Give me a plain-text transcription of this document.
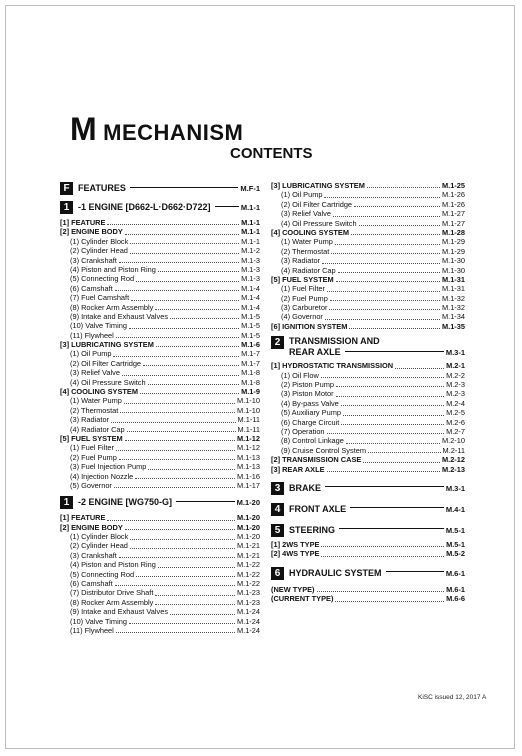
M MECHANISM
CONTENTS
F FEATURES	M.F-1
1 -1 ENGINE [D662-L·D662·D722]	M.1-1
[1] FEATURE	M.1-1
[2] ENGINE BODY	M.1-1
(1) Cylinder Block	M.1-1
(2) Cylinder Head	M.1-2
(3) Crankshaft	M.1-3
(4) Piston and Piston Ring	M.1-3
(5) Connecting Rod	M.1-3
(6) Camshaft	M.1-4
(7) Fuel Camshaft	M.1-4
(8) Rocker Arm Assembly	M.1-4
(9) Intake and Exhaust Valves	M.1-5
(10) Valve Timing	M.1-5
(11) Flywheel	M.1-5
[3] LUBRICATING SYSTEM	M.1-6
(1) Oil Pump	M.1-7
(2) Oil Filter Cartridge	M.1-7
(3) Relief Valve	M.1-8
(4) Oil Pressure Switch	M.1-8
[4] COOLING SYSTEM	M.1-9
(1) Water Pump	M.1-10
(2) Thermostat	M.1-10
(3) Radiator	M.1-11
(4) Radiator Cap	M.1-11
[5] FUEL SYSTEM	M.1-12
(1) Fuel Filter	M.1-12
(2) Fuel Pump	M.1-13
(3) Fuel Injection Pump	M.1-13
(4) Injection Nozzle	M.1-16
(5) Governor	M.1-17
1 -2 ENGINE [WG750-G]	M.1-20
[1] FEATURE	M.1-20
[2] ENGINE BODY	M.1-20
(1) Cylinder Block	M.1-20
(2) Cylinder Head	M.1-21
(3) Crankshaft	M.1-21
(4) Piston and Piston Ring	M.1-22
(5) Connecting Rod	M.1-22
(6) Camshaft	M.1-22
(7) Distributor Drive Shaft	M.1-23
(8) Rocker Arm Assembly	M.1-23
(9) Intake and Exhaust Valves	M.1-24
(10) Valve Timing	M.1-24
(11) Flywheel	M.1-24
[3] LUBRICATING SYSTEM	M.1-25
(1) Oil Pump	M.1-26
(2) Oil Filter Cartridge	M.1-26
(3) Relief Valve	M.1-27
(4) Oil Pressure Switch	M.1-27
[4] COOLING SYSTEM	M.1-28
(1) Water Pump	M.1-29
(2) Thermostat	M.1-29
(3) Radiator	M.1-30
(4) Radiator Cap	M.1-30
[5] FUEL SYSTEM	M.1-31
(1) Fuel Filter	M.1-31
(2) Fuel Pump	M.1-32
(3) Carburetor	M.1-32
(4) Governor	M.1-34
[6] IGNITION SYSTEM	M.1-35
2 TRANSMISSION AND
REAR AXLE	M.3-1
[1] HYDROSTATIC TRANSMISSION	M.2-1
(1) Oil Flow	M.2-2
(2) Piston Pump	M.2-3
(3) Piston Motor	M.2-3
(4) By-pass Valve	M.2-4
(5) Auxiliary Pump	M.2-5
(6) Charge Circuit	M.2-6
(7) Operation	M.2-7
(8) Control Linkage	M.2-10
(9) Cruise Control System	M.2-11
[2] TRANSMISSION CASE	M.2-12
[3] REAR AXLE	M.2-13
3 BRAKE	M.3-1
4 FRONT AXLE	M.4-1
5 STEERING	M.5-1
[1] 2WS TYPE	M.5-1
[2] 4WS TYPE	M.5-2
6 HYDRAULIC SYSTEM	M.6-1
(NEW TYPE)	M.6-1
(CURRENT TYPE)	M.6-6
KiSC issued 12, 2017 A
